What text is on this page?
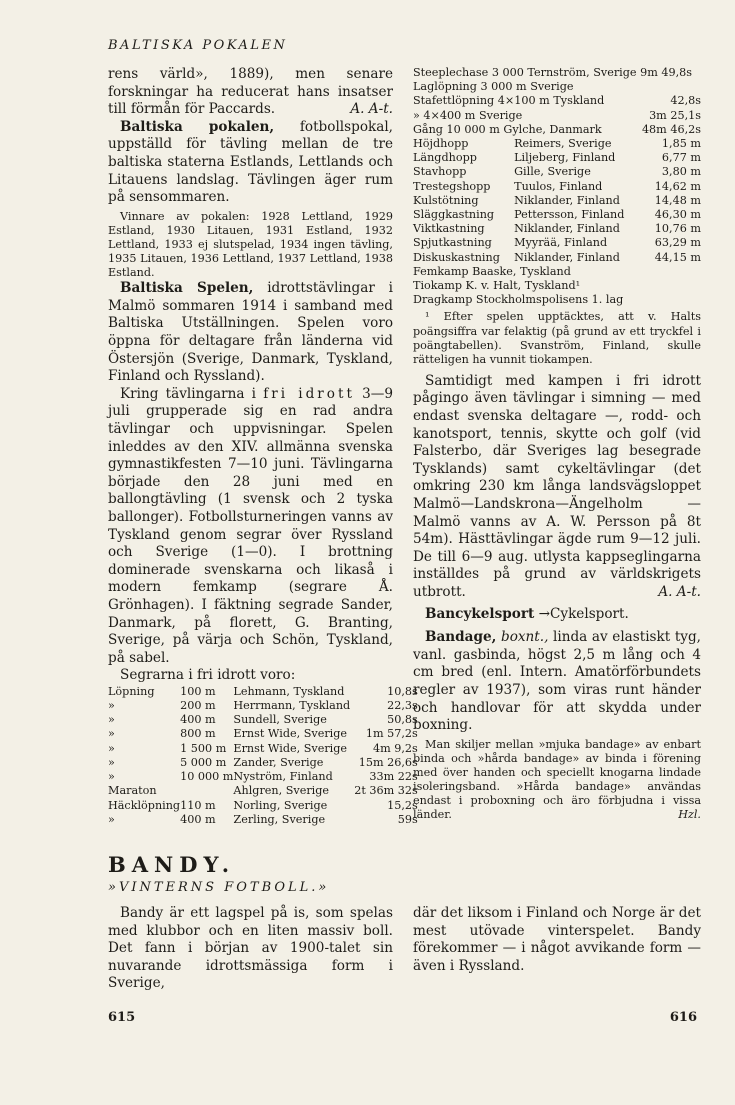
BALTISKA POKALEN

rens värld», 1889), men senare forskningar ha reducerat hans insatser till förmån för Paccards.	A. A-t.

Baltiska pokalen, fotbollspokal, uppställd för tävling mellan de tre baltiska staterna Estlands, Lettlands och Litauens landslag. Tävlingen äger rum på sensommaren.

Vinnare av pokalen: 1928 Lettland, 1929 Estland, 1930 Litauen, 1931 Estland, 1932 Lettland, 1933 ej slutspelad, 1934 ingen tävling, 1935 Litauen, 1936 Lettland, 1937 Lettland, 1938 Estland.

Baltiska Spelen, idrottstävlingar i Malmö sommaren 1914 i samband med Baltiska Utställningen. Spelen voro öppna för deltagare från länderna vid Östersjön (Sverige, Danmark, Tyskland, Finland och Ryssland).

Kring tävlingarna i fri idrott 3—9 juli grupperade sig en rad andra tävlingar och uppvisningar. Spelen inleddes av den XIV. allmänna svenska gymnastikfesten 7—10 juni. Tävlingarna började den 28 juni med en ballongtävling (1 svensk och 2 tyska ballonger). Fotbollsturneringen vanns av Tyskland genom segrar över Ryssland och Sverige (1—0). I brottning dominerade svenskarna och likaså i modern femkamp (segrare Å. Grönhagen). I fäktning segrade Sander, Danmark, på florett, G. Branting, Sverige, på värja och Schön, Tyskland, på sabel.

Segrarna i fri idrott voro:

Löpning	100 m	Lehmann, Tyskland	10,8s
»	200 m	Herrmann, Tyskland	22,3s
»	400 m	Sundell, Sverige	50,8s
»	800 m	Ernst Wide, Sverige	1m 57,2s
»	1 500 m	Ernst Wide, Sverige	4m 9,2s
»	5 000 m	Zander, Sverige	15m 26,6s
»	10 000 m	Nyström, Finland	33m 22s
Maraton		Ahlgren, Sverige	2t 36m 32s
Häcklöpning	110 m	Norling, Sverige	15,2s
»	400 m	Zerling, Sverige	59s
Steeplechase 3 000 Ternström, Sverige 9m 49,8s
Laglöpning 3 000 m Sverige
Stafettlöpning 4×100 m Tyskland	42,8s
» 4×400 m Sverige	3m 25,1s
Gång 10 000 m Gylche, Danmark	48m 46,2s
Höjdhopp	Reimers, Sverige	1,85 m
Längdhopp	Liljeberg, Finland	6,77 m
Stavhopp	Gille, Sverige	3,80 m
Trestegshopp	Tuulos, Finland	14,62 m
Kulstötning	Niklander, Finland	14,48 m
Släggkastning	Pettersson, Finland	46,30 m
Viktkastning	Niklander, Finland	10,76 m
Spjutkastning	Myyrää, Finland	63,29 m
Diskuskastning	Niklander, Finland	44,15 m
Femkamp Baaske, Tyskland
Tiokamp K. v. Halt, Tyskland¹
Dragkamp Stockholmspolisens 1. lag

¹ Efter spelen upptäcktes, att v. Halts poängsiffra var felaktig (på grund av ett tryckfel i poängtabellen). Svanström, Finland, skulle rätteligen ha vunnit tiokampen.

Samtidigt med kampen i fri idrott pågingo även tävlingar i simning — med endast svenska deltagare —, rodd- och kanotsport, tennis, skytte och golf (vid Falsterbo, där Sveriges lag besegrade Tysklands) samt cykeltävlingar (det omkring 230 km långa landsvägsloppet Malmö—Landskrona—Ängelholm —Malmö vanns av A. W. Persson på 8t 54m). Hästtävlingar ägde rum 9—12 juli. De till 6—9 aug. utlysta kappseglingarna inställdes på grund av världskrigets utbrott.	A. A-t.

Bancykelsport →Cykelsport.

Bandage, boxnt., linda av elastiskt tyg, vanl. gasbinda, högst 2,5 m lång och 4 cm bred (enl. Intern. Amatörförbundets regler av 1937), som viras runt händer och handlovar för att skydda under boxning.

Man skiljer mellan »mjuka bandage» av enbart binda och »hårda bandage» av binda i förening med över handen och speciellt knogarna lindade isoleringsband. »Hårda bandage» användas endast i proboxning och äro förbjudna i vissa länder.	Hzl.

BANDY.
»VINTERNS FOTBOLL.»

Bandy är ett lagspel på is, som spelas med klubbor och en liten massiv boll. Det fann i början av 1900-talet sin nuvarande idrottsmässiga form i Sverige,

där det liksom i Finland och Norge är det mest utövade vinterspelet. Bandy förekommer — i något avvikande form — även i Ryssland.

615	616
